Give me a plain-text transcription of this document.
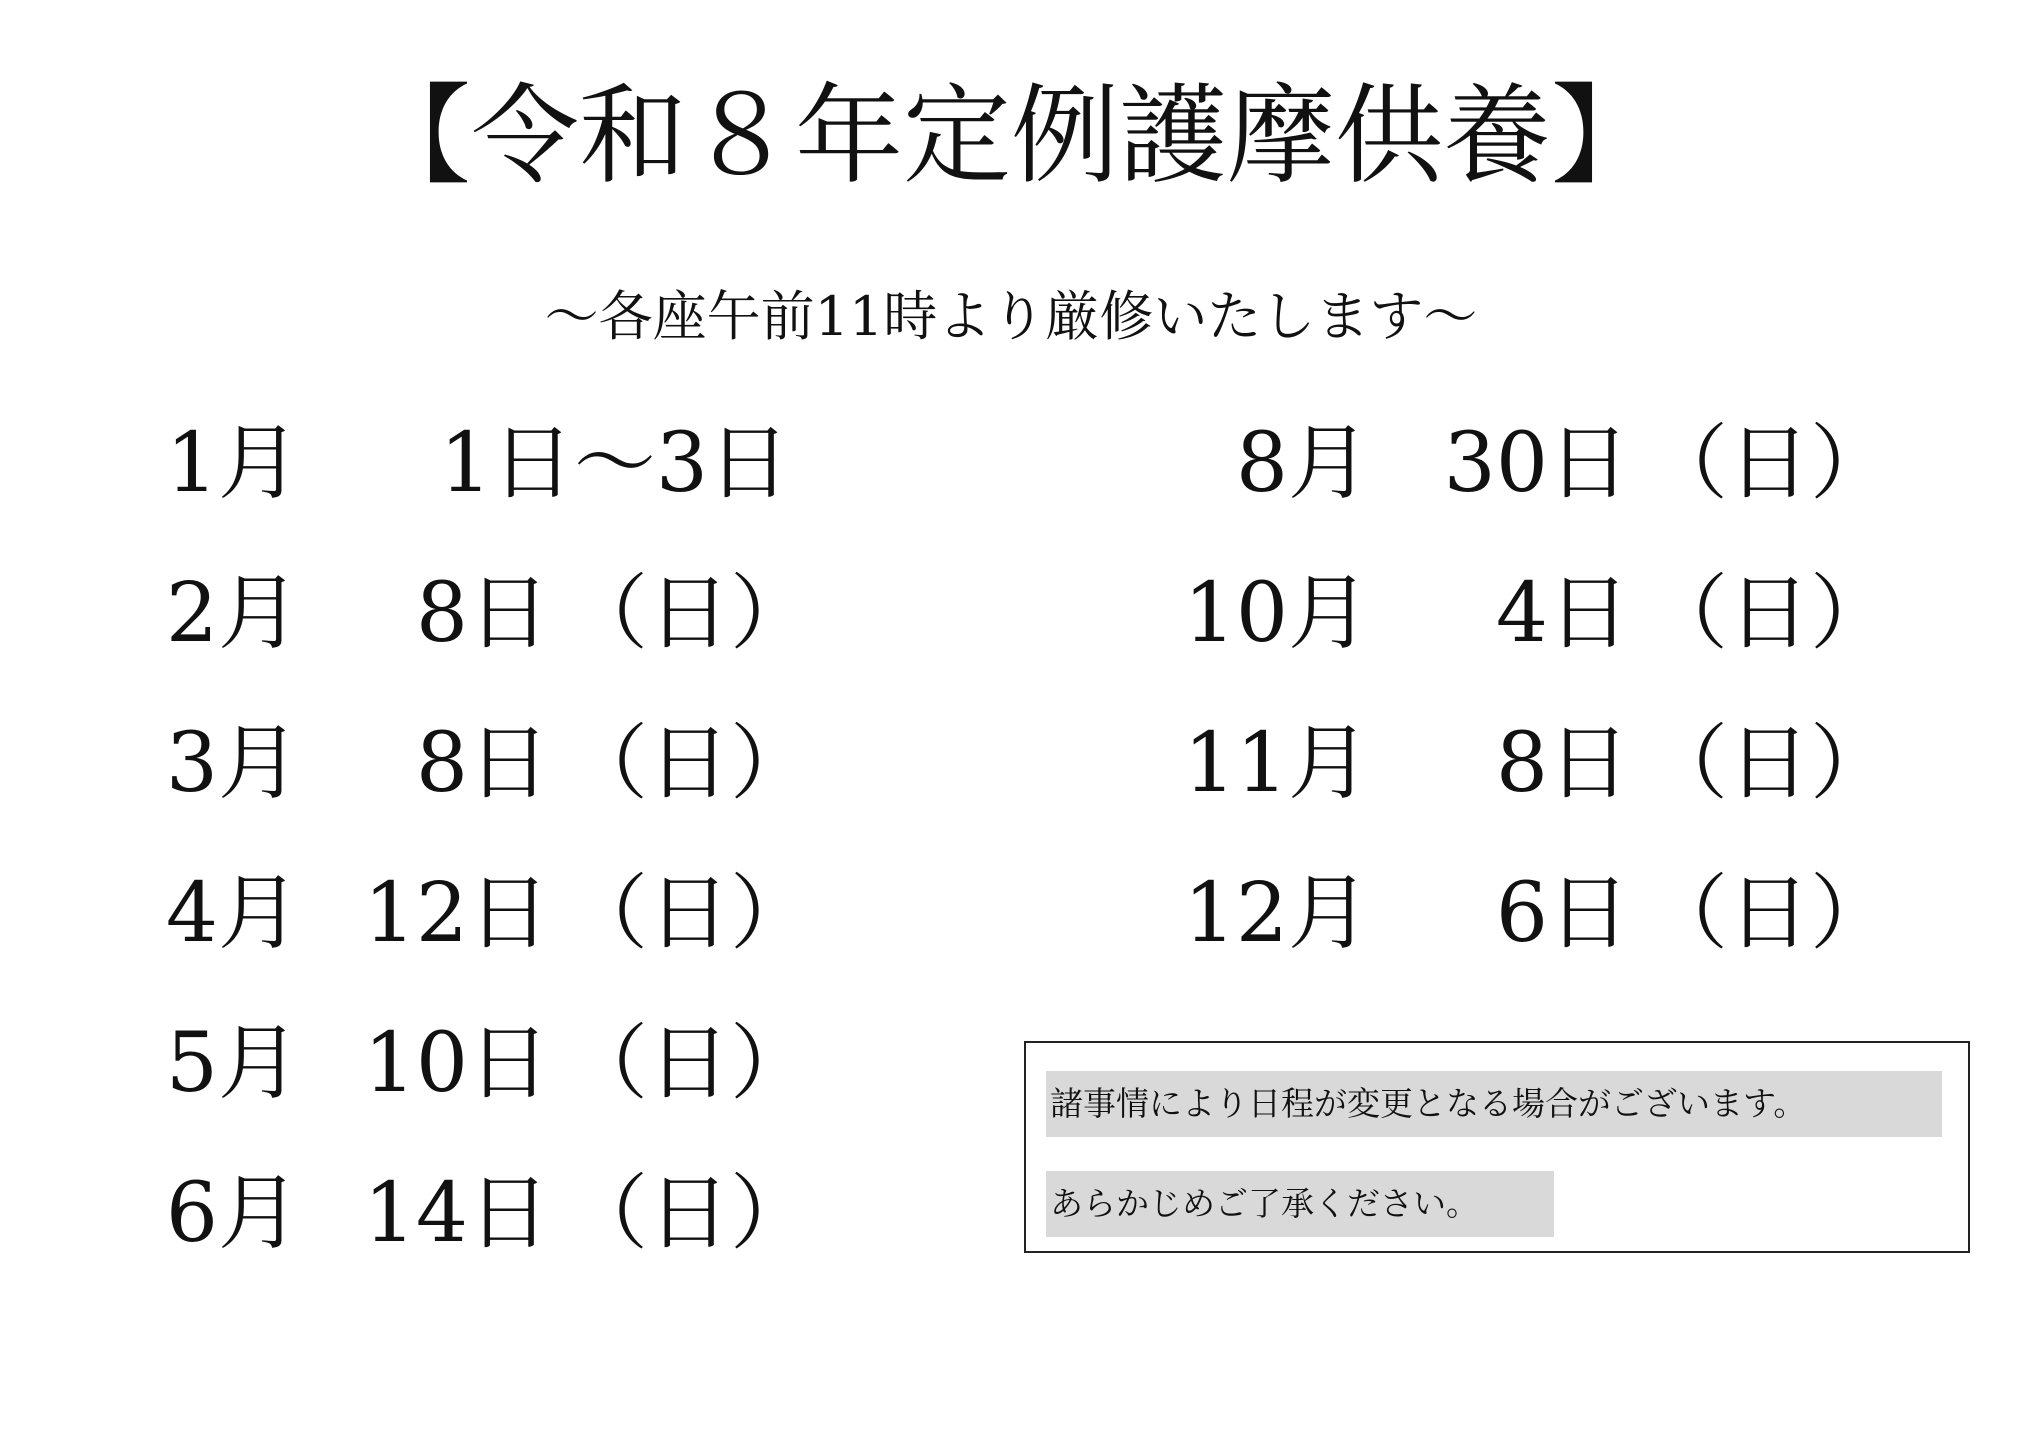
【令和８年定例護摩供養】
〜各座午前11時より厳修いたします〜
1月	1日〜3日
2月	8日 （日）
3月	8日 （日）
4月 12日 （日）
5月 10日 （日）
6月 14日 （日）
8月 30日 （日）
10月	4日 （日）
11月	8日 （日）
12月	6日 （日）
諸事情により日程が変更となる場合がございます。
あらかじめご了承ください。
